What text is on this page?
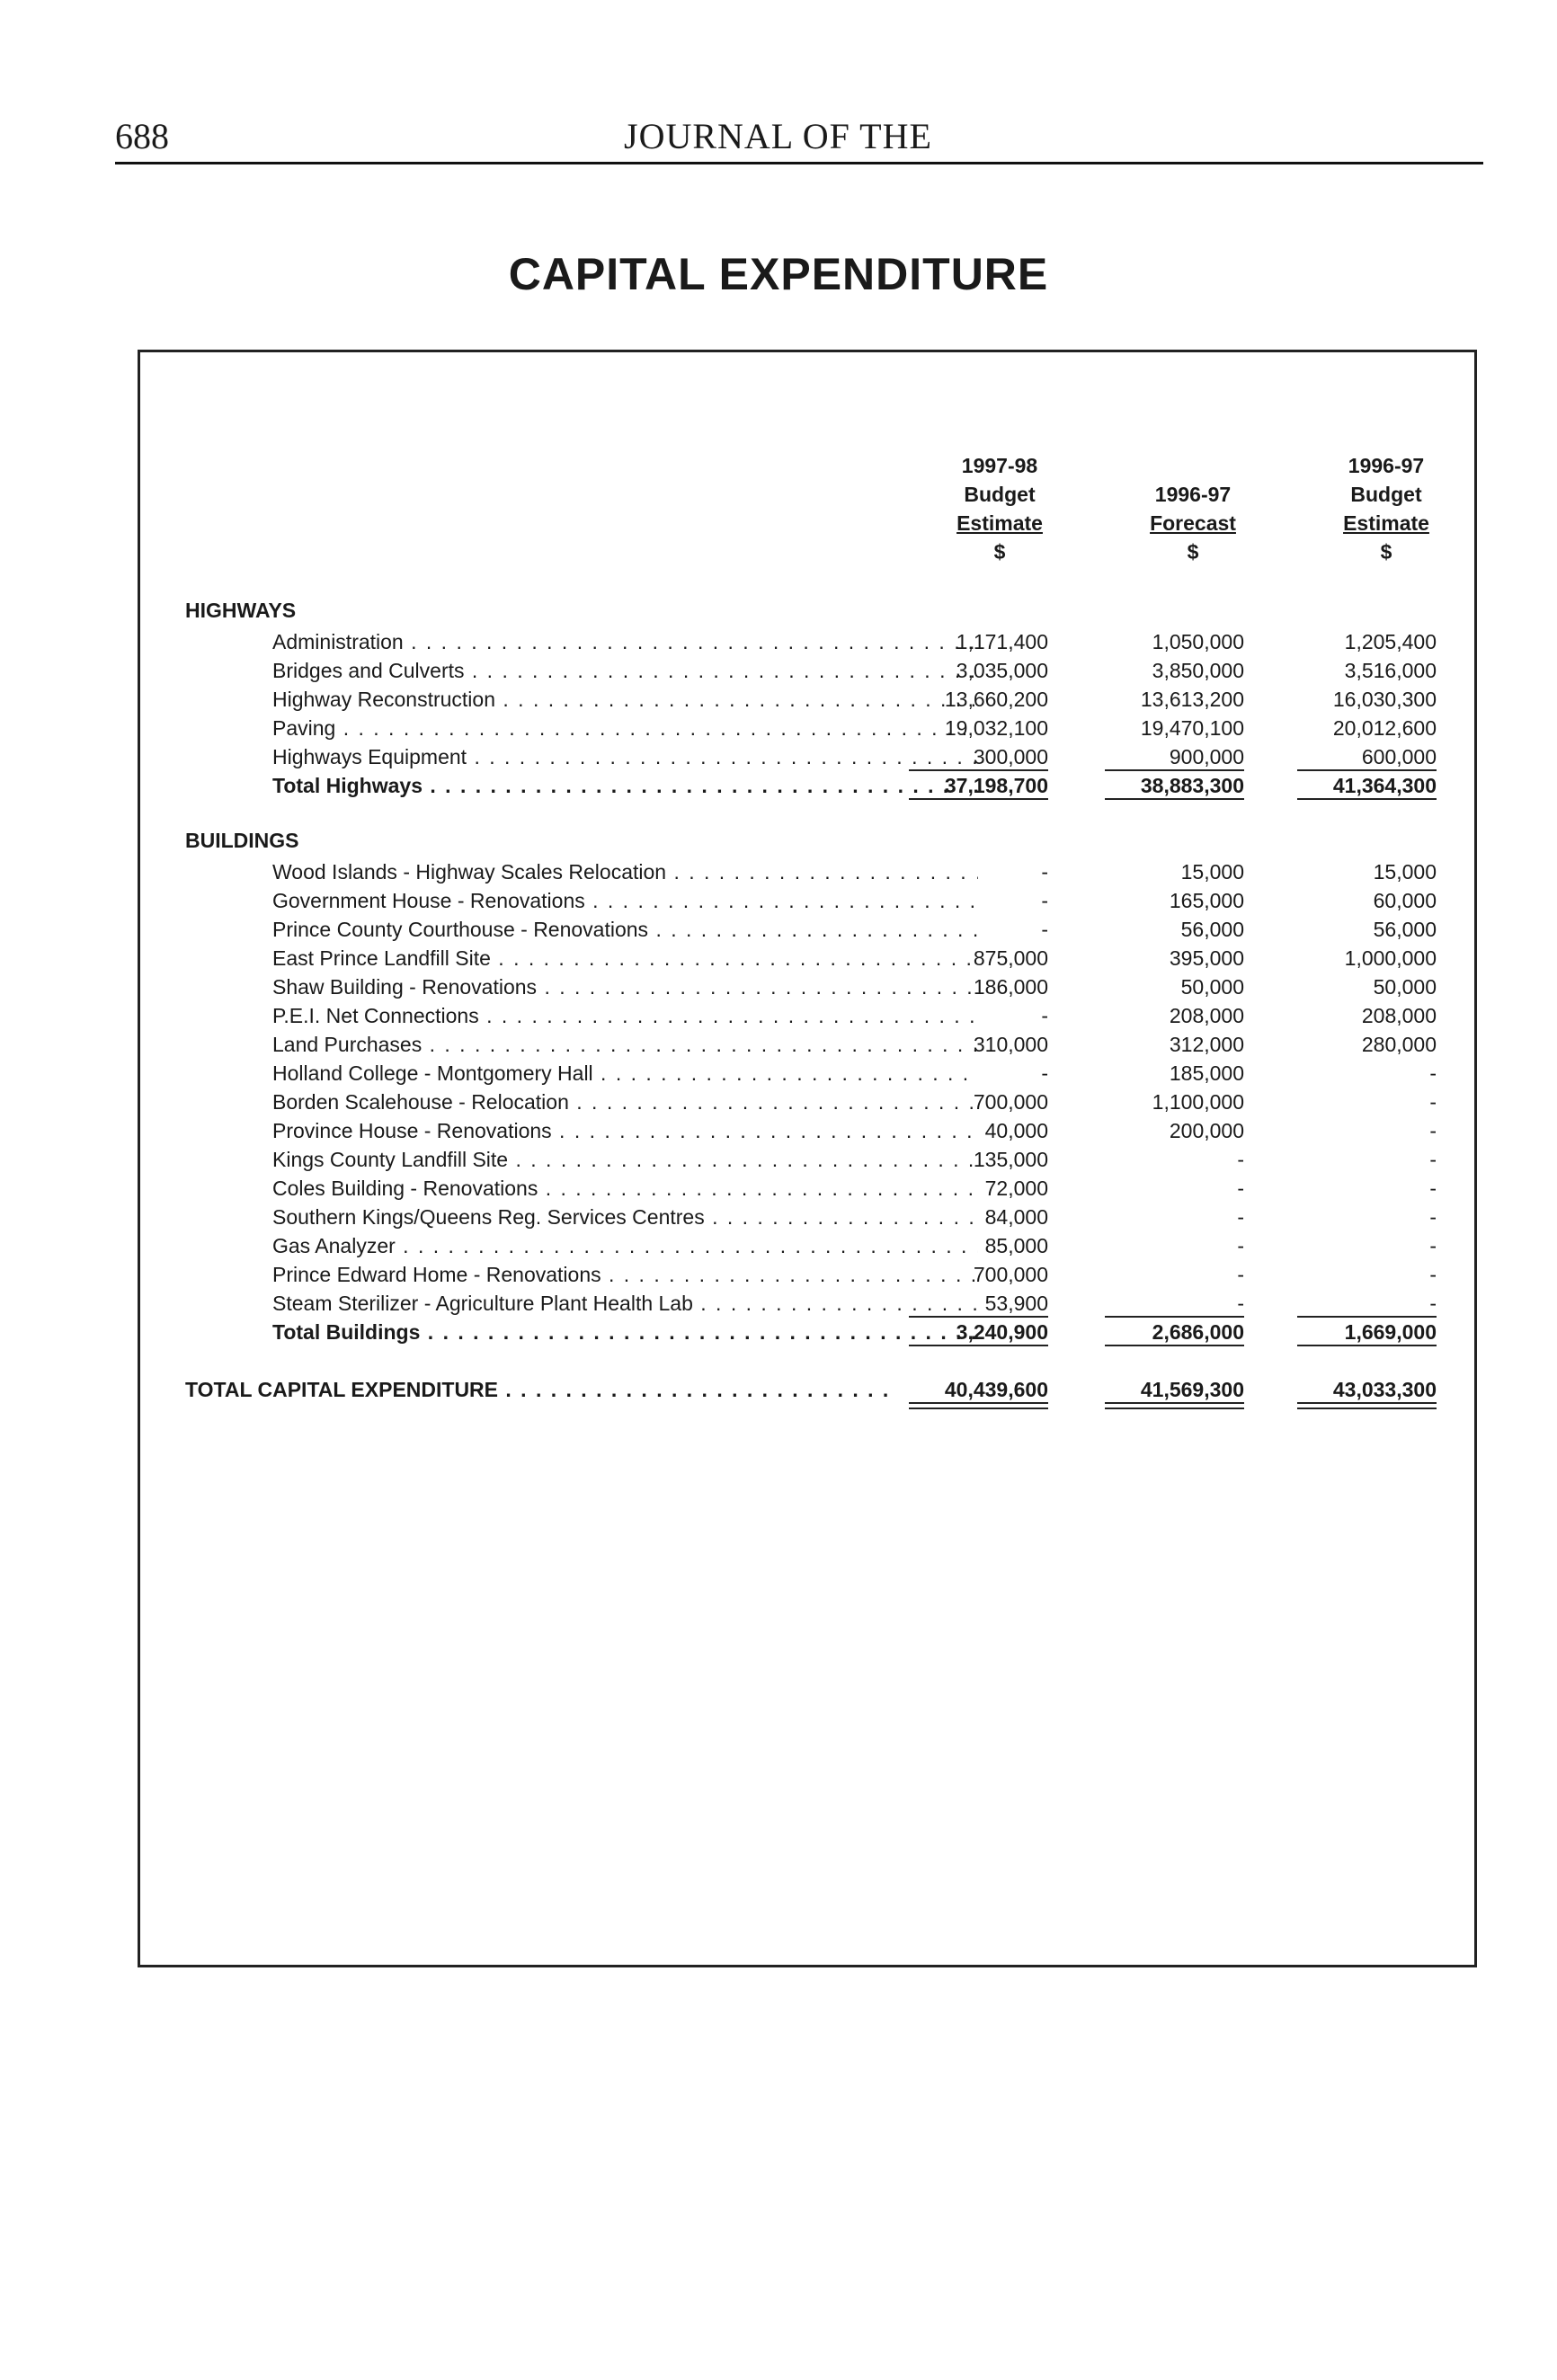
688	JOURNAL OF THE
CAPITAL EXPENDITURE
1997-98
Budget
Estimate
$

1996-97
Forecast
$
1996-97
Budget
Estimate
$
HIGHWAYS
Administration . . .	1,171,400	1,050,000	1,205,400
Bridges and Culverts . . .	3,035,000	3,850,000	3,516,000
Highway Reconstruction . . .	13,660,200	13,613,200	16,030,300
Paving . . .	19,032,100	19,470,100	20,012,600
Highways Equipment . . .	300,000	900,000	600,000
Total Highways . . .	37,198,700	38,883,300	41,364,300
BUILDINGS
Wood Islands - Highway Scales Relocation . . .	-	15,000	15,000
Government House - Renovations . . .	-	165,000	60,000
Prince County Courthouse - Renovations . . .	-	56,000	56,000
East Prince Landfill Site . . .	875,000	395,000	1,000,000
Shaw Building - Renovations . . .	186,000	50,000	50,000
P.E.I. Net Connections . . .	-	208,000	208,000
Land Purchases . . .	310,000	312,000	280,000
Holland College - Montgomery Hall . . .	-	185,000	-
Borden Scalehouse - Relocation . . .	700,000	1,100,000	-
Province House - Renovations . . .	40,000	200,000	-
Kings County Landfill Site . . .	135,000	-	-
Coles Building - Renovations . . .	72,000	-	-
Southern Kings/Queens Reg. Services Centres . . .	84,000	-	-
Gas Analyzer . . .	85,000	-	-
Prince Edward Home - Renovations . . .	700,000	-	-
Steam Sterilizer - Agriculture Plant Health Lab . . .	53,900	-	-
Total Buildings . . .	3,240,900	2,686,000	1,669,000
TOTAL CAPITAL EXPENDITURE . . .	40,439,600	41,569,300	43,033,300
